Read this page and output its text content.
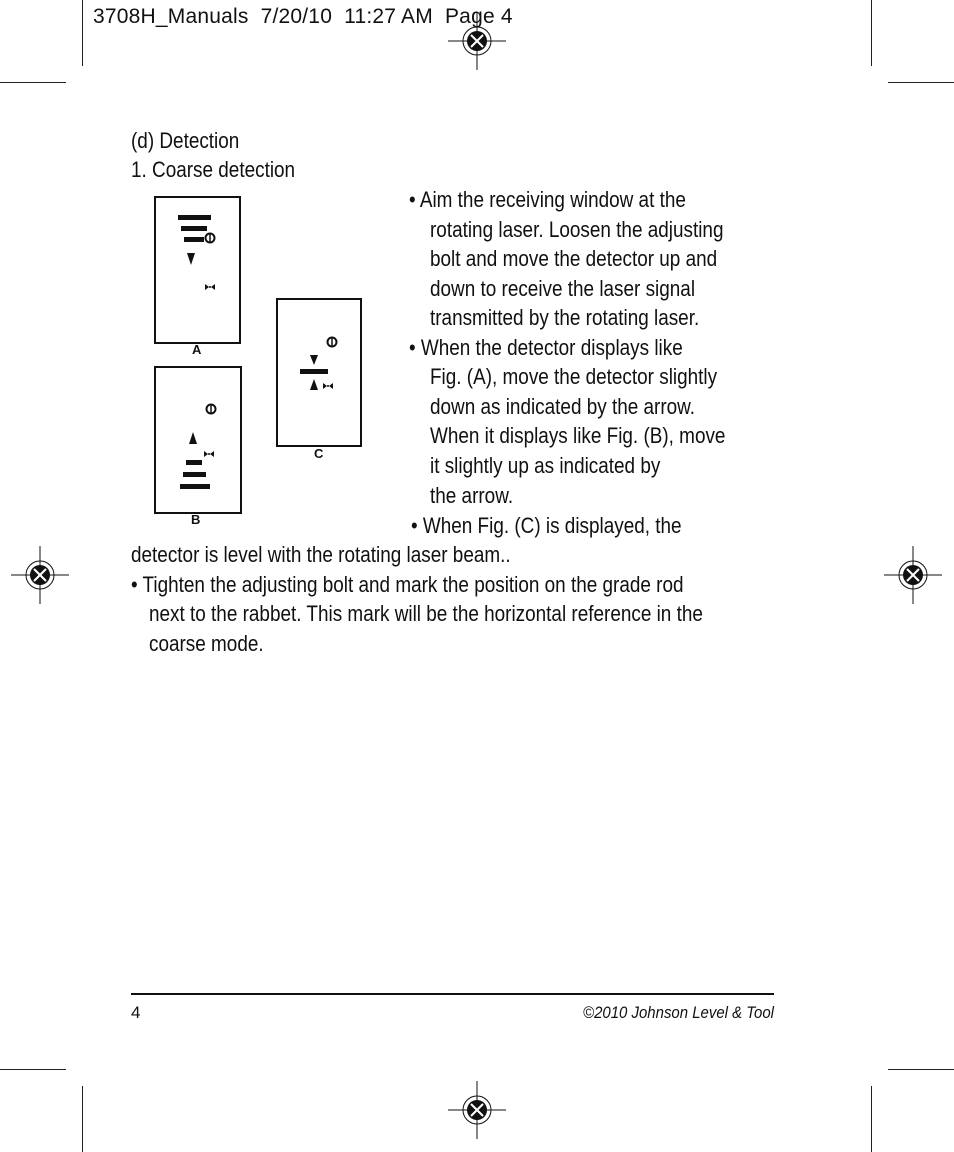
3708H_Manuals  7/20/10  11:27 AM  Page 4
(d) Detection
1. Coarse detection
A
B
C
• Aim the receiving window at the
rotating laser. Loosen the adjusting
bolt and move the detector up and
down to receive the laser signal
transmitted by the rotating laser.
• When the detector displays like
Fig. (A), move the detector slightly
down as indicated by the arrow.
When it displays like Fig. (B), move
it slightly up as indicated by
the arrow.
• When Fig. (C) is displayed, the
detector is level with the rotating laser beam..
• Tighten the adjusting bolt and mark the position on the grade rod
next to the rabbet. This mark will be the horizontal reference in the
coarse mode.
4	©2010 Johnson Level & Tool
